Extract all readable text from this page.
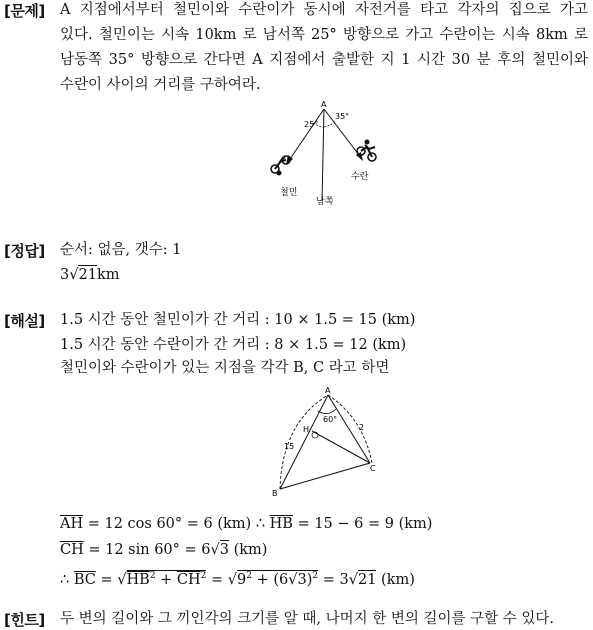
[문제] A 지점에서부터 철민이와 수란이가 동시에 자전거를 타고 각자의 집으로 가고
있다. 철민이는 시속 10km 로 남서쪽 25° 방향으로 가고 수란이는 시속 8km 로
남동쪽 35° 방향으로 간다면 A 지점에서 출발한 지 1 시간 30 분 후의 철민이와
수란이 사이의 거리를 구하여라.
A
25°
35°
철민
수란
남쪽
[정답] 순서: 없음, 갯수: 1
3√21km
[해설] 1.5 시간 동안 철민이가 간 거리 : 10 × 1.5 = 15 (km)
1.5 시간 동안 수란이가 간 거리 : 8 × 1.5 = 12 (km)
철민이와 수란이가 있는 지점을 각각 B, C 라고 하면
A
B
C
H
60°
15
2
$\overline{AH} = 12$ cos 60° = 6 (km) ∴ $\overline{HB} = 15 - 6 = 9$ (km)
$\overline{CH} = 12$ sin 60° = 6√3 (km)
∴ $\overline{BC} = √HB^2 + \overline{CH}^2 = √9^2 + (6√3)^2 = 3√21$ (km)
[힌트] 두 변의 길이와 그 끼인각의 크기를 알 때, 나머지 한 변의 길이를 구할 수 있다.
